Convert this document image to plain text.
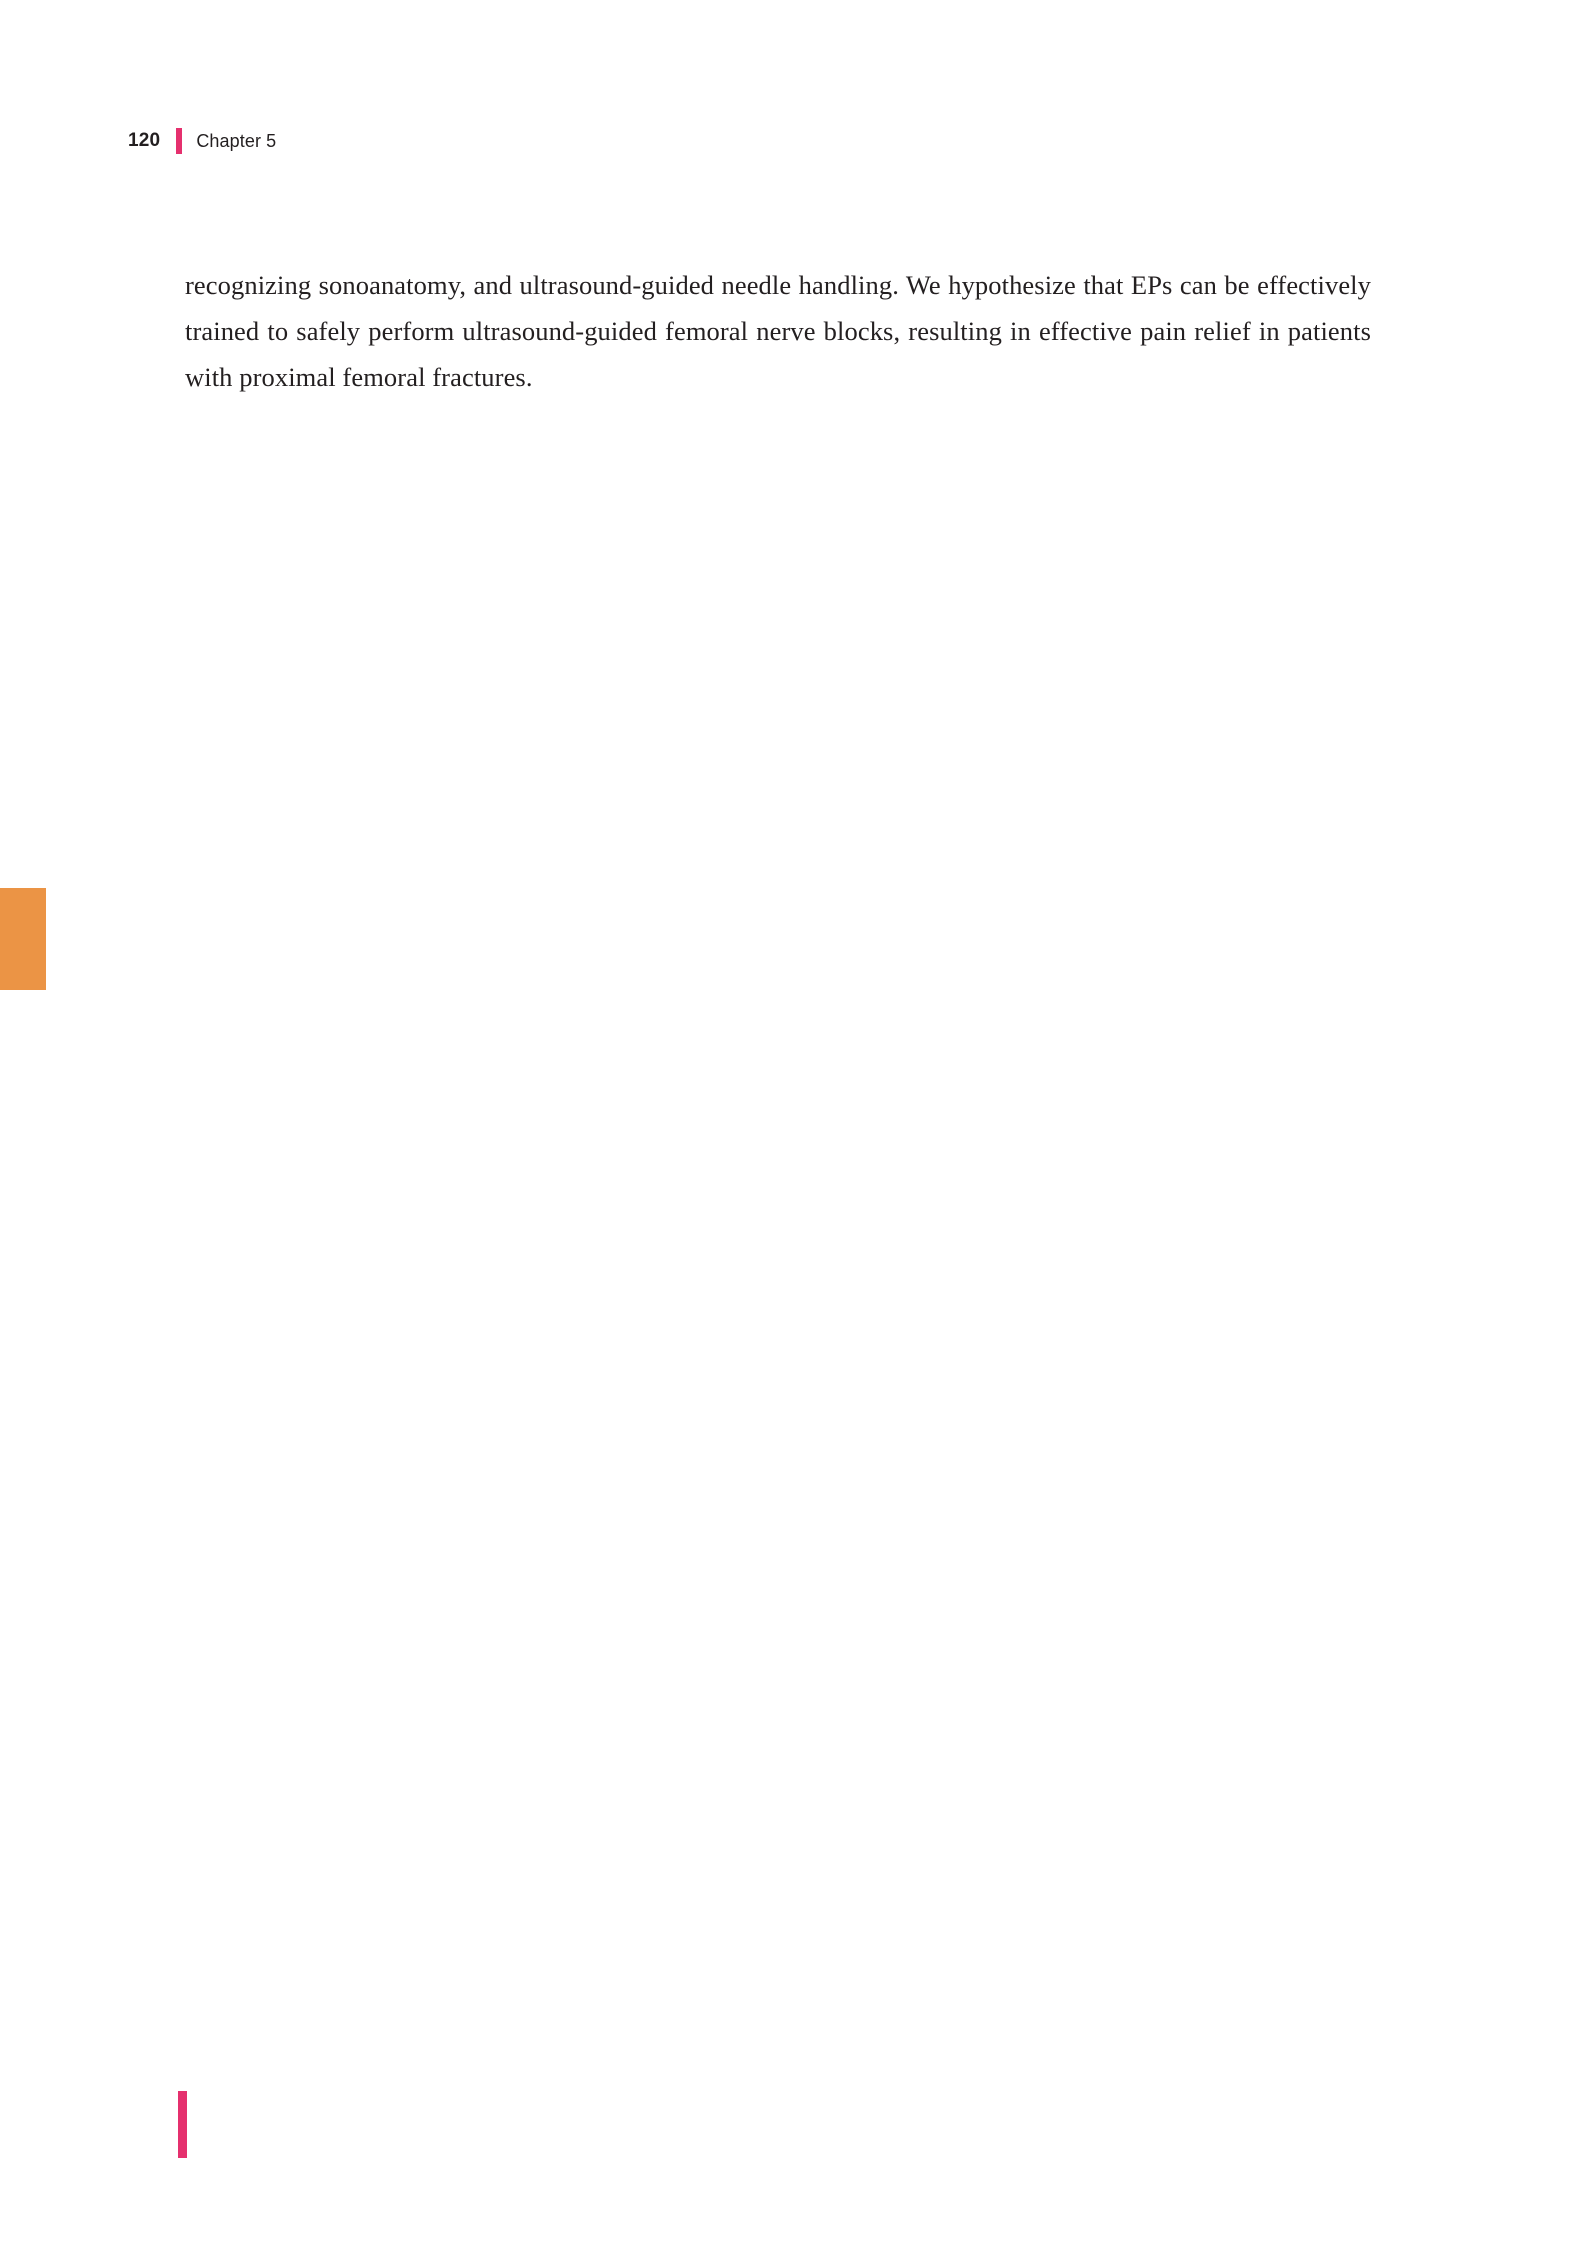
120 Chapter 5

recognizing sonoanatomy, and ultrasound-guided needle handling. We hypothesize that EPs can be effectively trained to safely perform ultrasound-guided femoral nerve blocks, resulting in effective pain relief in patients with proximal femoral fractures.
